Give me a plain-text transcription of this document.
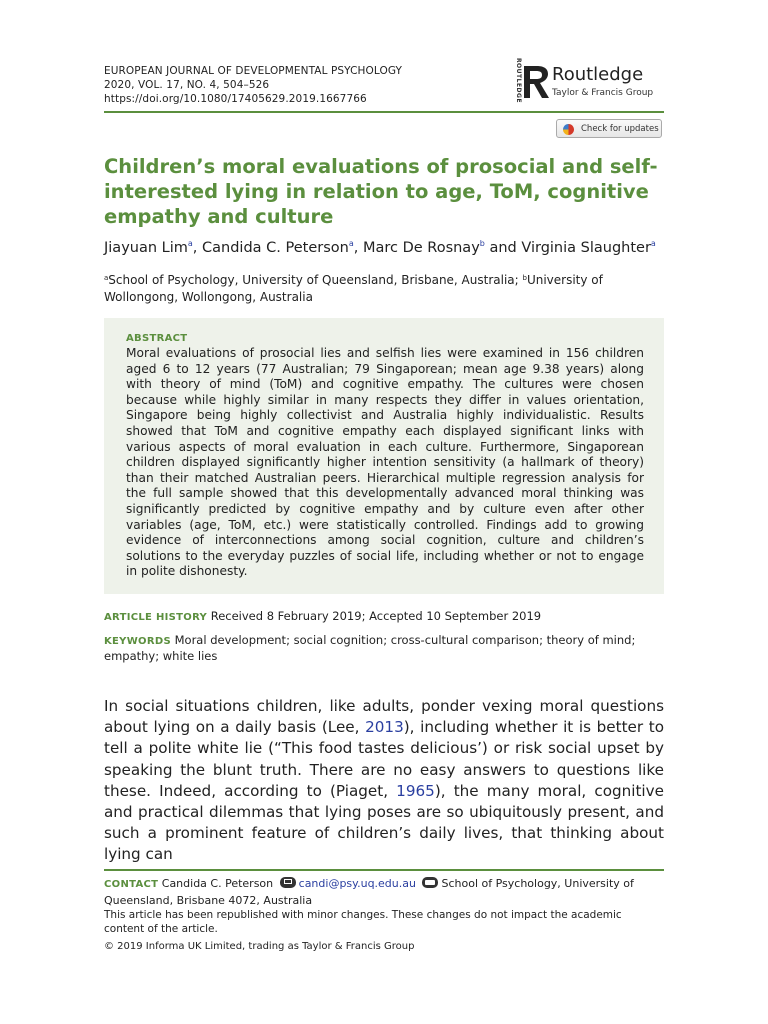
EUROPEAN JOURNAL OF DEVELOPMENTAL PSYCHOLOGY
2020, VOL. 17, NO. 4, 504–526
https://doi.org/10.1080/17405629.2019.1667766	ROUTLEDGE Routledge
Taylor & Francis Group
Check for updates
Children’s moral evaluations of prosocial and self-interested lying in relation to age, ToM, cognitive empathy and culture
Jiayuan Lim$^a$, Candida C. Peterson$^a$, Marc De Rosnay$^b$ and Virginia Slaughter$^a$
$^a$School of Psychology, University of Queensland, Brisbane, Australia; $^b$University of Wollongong, Wollongong, Australia
ABSTRACT

Moral evaluations of prosocial lies and selfish lies were examined in 156 children aged 6 to 12 years (77 Australian; 79 Singaporean; mean age 9.38 years) along with theory of mind (ToM) and cognitive empathy. The cultures were chosen because while highly similar in many respects they differ in values orientation, Singapore being highly collectivist and Australia highly individualistic. Results showed that ToM and cognitive empathy each displayed significant links with various aspects of moral evaluation in each culture. Furthermore, Singaporean children displayed significantly higher intention sensitivity (a hallmark of theory) than their matched Australian peers. Hierarchical multiple regression analysis for the full sample showed that this developmentally advanced moral thinking was significantly predicted by cognitive empathy and by culture even after other variables (age, ToM, etc.) were statistically controlled. Findings add to growing evidence of interconnections among social cognition, culture and children’s solutions to the everyday puzzles of social life, including whether or not to engage in polite dishonesty.

ARTICLE HISTORY Received 8 February 2019; Accepted 10 September 2019
KEYWORDS Moral development; social cognition; cross-cultural comparison; theory of mind; empathy; white lies

In social situations children, like adults, ponder vexing moral questions about lying on a daily basis (Lee, 2013), including whether it is better to tell a polite white lie (“This food tastes delicious’) or risk social upset by speaking the blunt truth. There are no easy answers to questions like these. Indeed, according to (Piaget, 1965), the many moral, cognitive and practical dilemmas that lying poses are so ubiquitously present, and such a prominent feature of children’s daily lives, that thinking about lying can

CONTACT Candida C. Peterson candi@psy.uq.edu.au School of Psychology, University of Queensland, Brisbane 4072, Australia
This article has been republished with minor changes. These changes do not impact the academic content of the article.
© 2019 Informa UK Limited, trading as Taylor & Francis Group
